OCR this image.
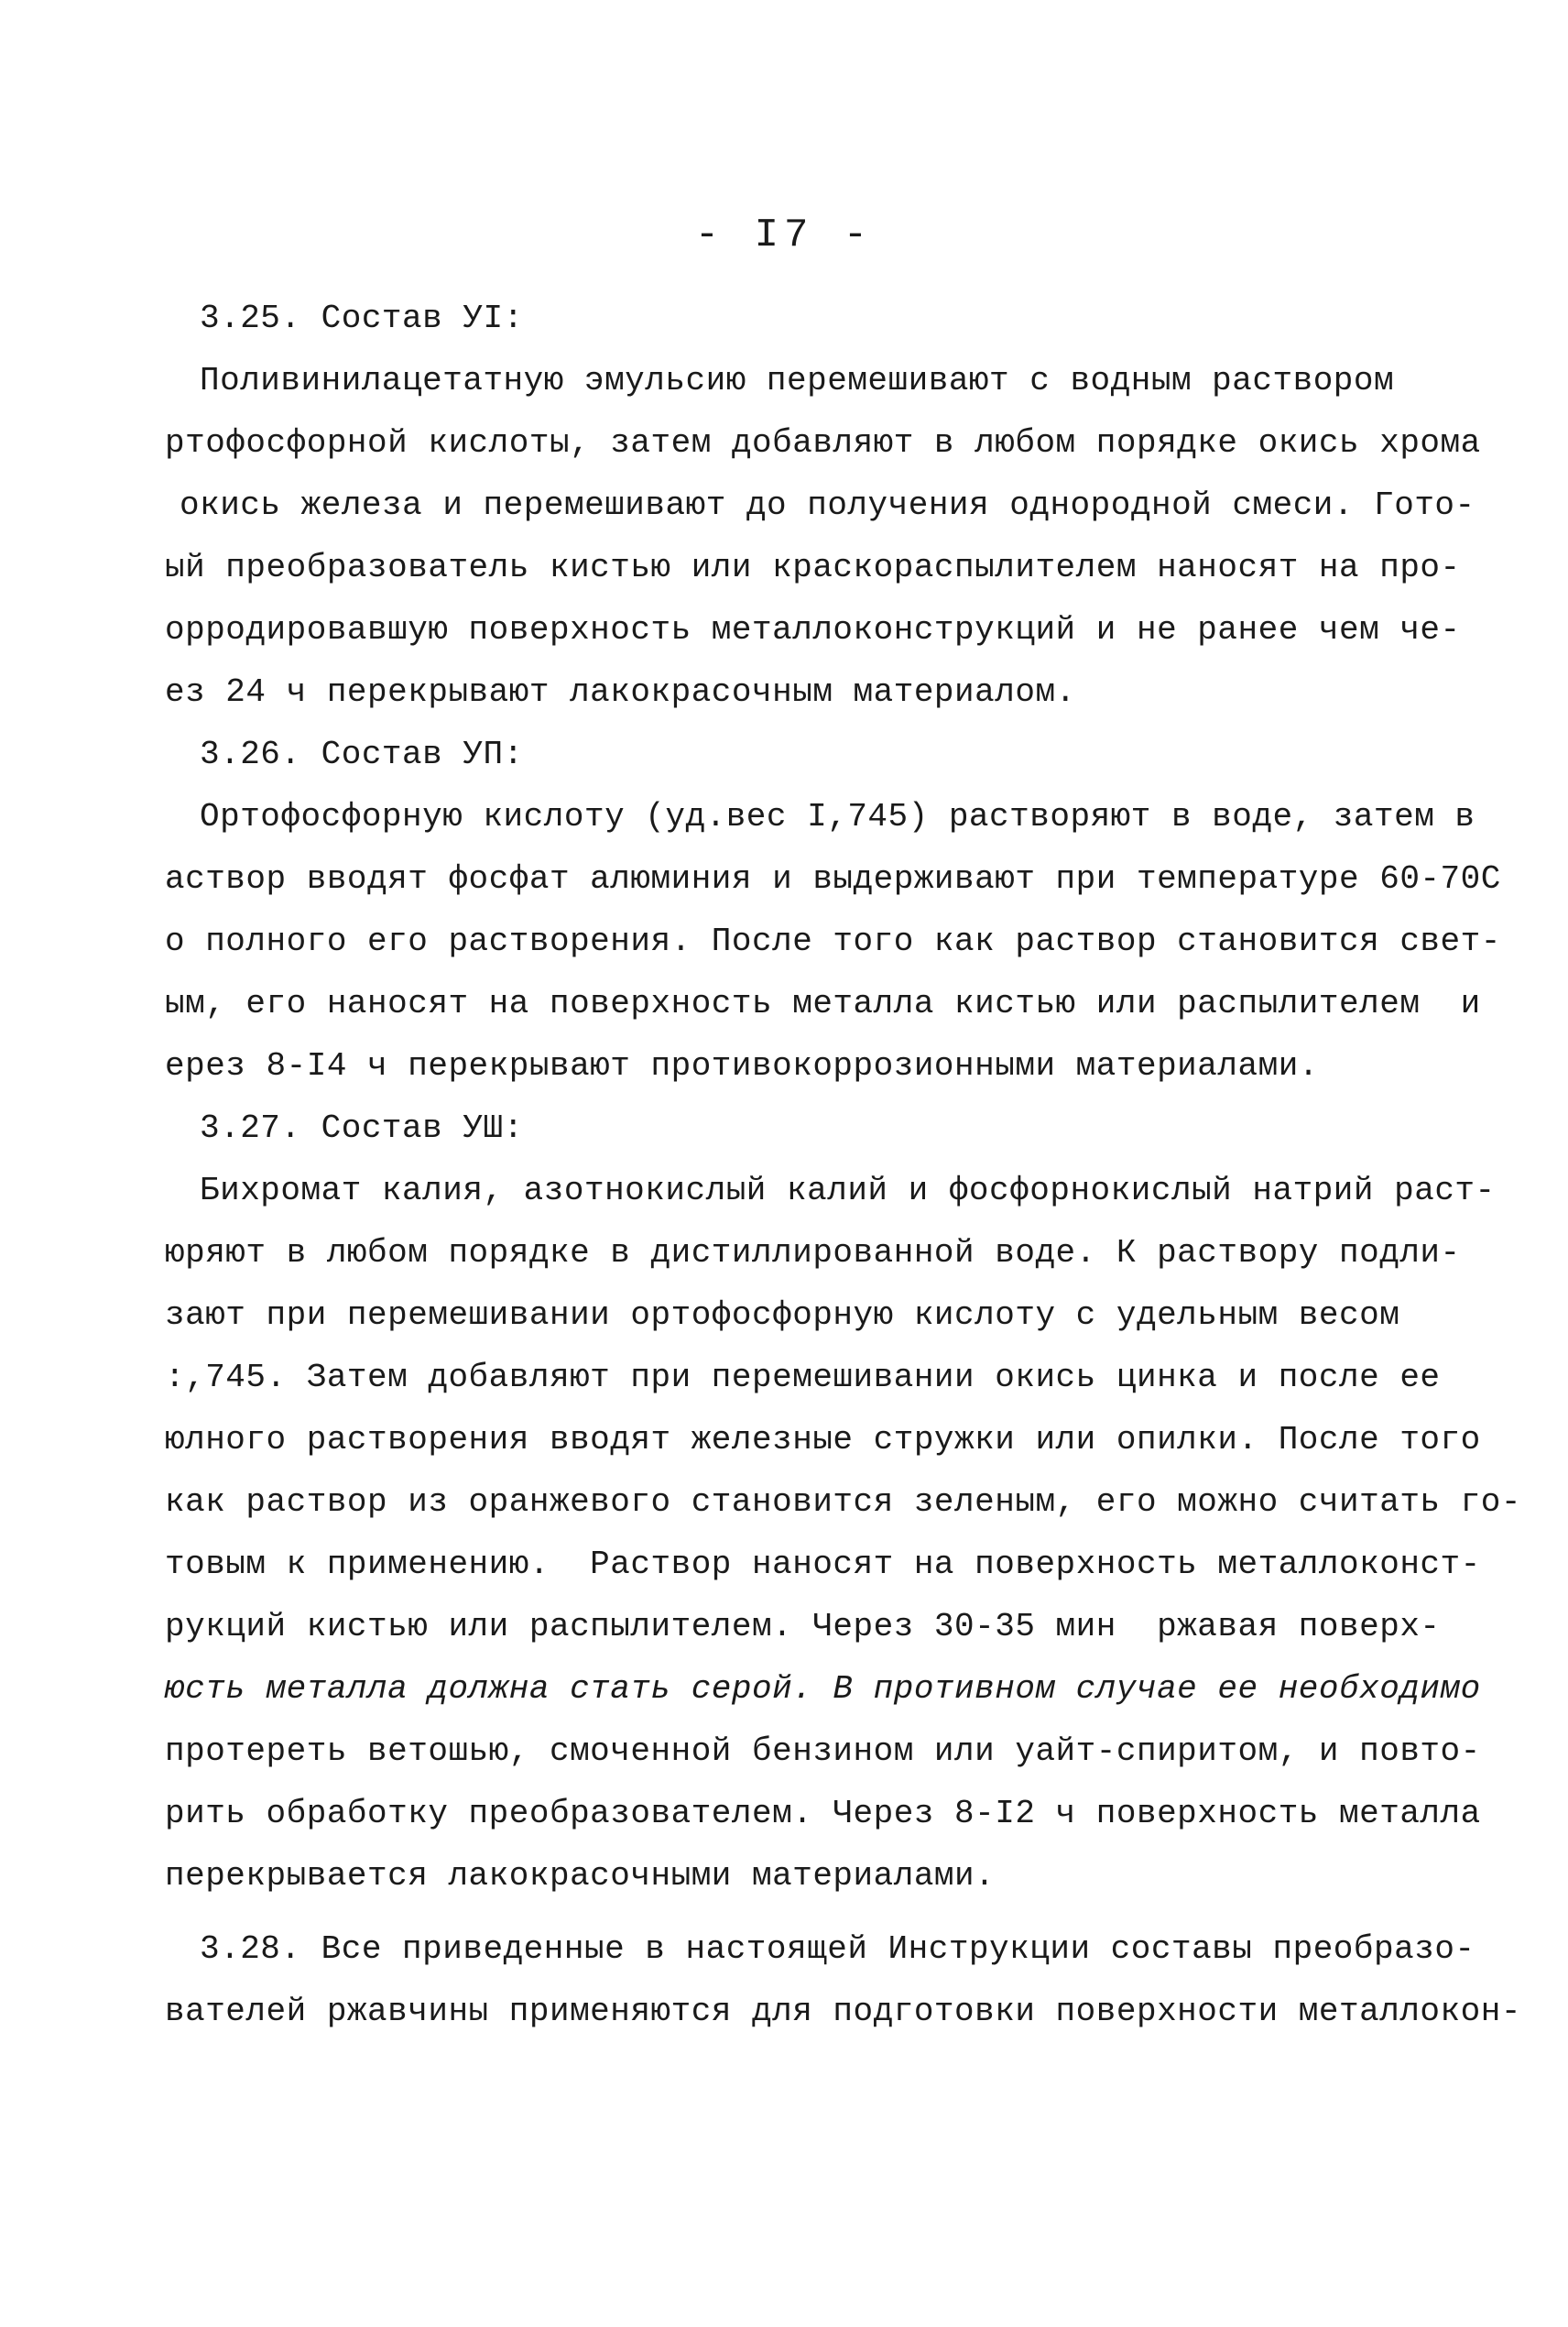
- I7 -
3.25. Состав УI:
Поливинилацетатную эмульсию перемешивают с водным раствором
ртофосфорной кислоты, затем добавляют в любом порядке окись хрома
окись железа и перемешивают до получения однородной смеси. Гото-
ый преобразователь кистью или краскораспылителем наносят на про-
орродировавшую поверхность металлоконструкций и не ранее чем че-
ез 24 ч перекрывают лакокрасочным материалом.
3.26. Состав УП:
Ортофосфорную кислоту (уд.вес I,745) растворяют в воде, затем в
аствор вводят фосфат алюминия и выдерживают при температуре 60-70С
о полного его растворения. После того как раствор становится свет-
ым, его наносят на поверхность металла кистью или распылителем  и
ерез 8-I4 ч перекрывают противокоррозионными материалами.
3.27. Состав УШ:
Бихромат калия, азотнокислый калий и фосфорнокислый натрий раст-
юряют в любом порядке в дистиллированной воде. К раствору подли-
зают при перемешивании ортофосфорную кислоту с удельным весом
:,745. Затем добавляют при перемешивании окись цинка и после ее
юлного растворения вводят железные стружки или опилки. После того
как раствор из оранжевого становится зеленым, его можно считать го-
товым к применению.  Раствор наносят на поверхность металлоконст-
рукций кистью или распылителем. Через 30-35 мин  ржавая поверх-
юсть металла должна стать серой. В противном случае ее необходимо
протереть ветошью, смоченной бензином или уайт-спиритом, и повто-
рить обработку преобразователем. Через 8-I2 ч поверхность металла
перекрывается лакокрасочными материалами.
3.28. Все приведенные в настоящей Инструкции составы преобразо-
вателей ржавчины применяются для подготовки поверхности металлокон-
